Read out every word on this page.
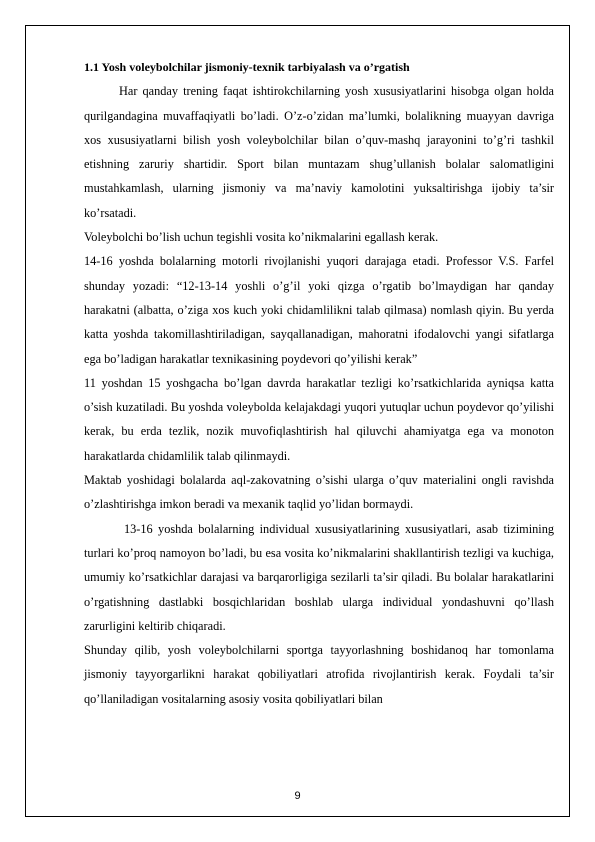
1.1 Yosh voleybolchilar jismoniy-texnik tarbiyalash va o’rgatish

Har qanday trening faqat ishtirokchilarning yosh xususiyatlarini hisobga olgan holda qurilgandagina muvaffaqiyatli bo’ladi. O’z-o’zidan ma’lumki, bolalikning muayyan davriga xos xususiyatlarni bilish yosh voleybolchilar bilan o’quv-mashq jarayonini to’g’ri tashkil etishning zaruriy shartidir. Sport bilan muntazam shug’ullanish bolalar salomatligini mustahkamlash, ularning jismoniy va ma’naviy kamolotini yuksaltirishga ijobiy ta’sir ko’rsatadi.

Voleybolchi bo’lish uchun tegishli vosita ko’nikmalarini egallash kerak.

14-16 yoshda bolalarning motorli rivojlanishi yuqori darajaga etadi. Professor V.S. Farfel shunday yozadi: “12-13-14 yoshli o’g’il yoki qizga o’rgatib bo’lmaydigan har qanday harakatni (albatta, o’ziga xos kuch yoki chidamlilikni talab qilmasa) nomlash qiyin. Bu yerda katta yoshda takomillashtiriladigan, sayqallanadigan, mahoratni ifodalovchi yangi sifatlarga ega bo’ladigan harakatlar texnikasining poydevori qo’yilishi kerak”

11 yoshdan 15 yoshgacha bo’lgan davrda harakatlar tezligi ko’rsatkichlarida ayniqsa katta o’sish kuzatiladi. Bu yoshda voleybolda kelajakdagi yuqori yutuqlar uchun poydevor qo’yilishi kerak, bu erda tezlik, nozik muvofiqlashtirish hal qiluvchi ahamiyatga ega va monoton harakatlarda chidamlilik talab qilinmaydi.

Maktab yoshidagi bolalarda aql-zakovatning o’sishi ularga o’quv materialini ongli ravishda o’zlashtirishga imkon beradi va mexanik taqlid yo’lidan bormaydi.

13-16 yoshda bolalarning individual xususiyatlarining xususiyatlari, asab tizimining turlari ko’proq namoyon bo’ladi, bu esa vosita ko’nikmalarini shakllantirish tezligi va kuchiga, umumiy ko’rsatkichlar darajasi va barqarorligiga sezilarli ta’sir qiladi. Bu bolalar harakatlarini o’rgatishning dastlabki bosqichlaridan boshlab ularga individual yondashuvni qo’llash zarurligini keltirib chiqaradi.

Shunday qilib, yosh voleybolchilarni sportga tayyorlashning boshidanoq har tomonlama jismoniy tayyorgarlikni harakat qobiliyatlari atrofida rivojlantirish kerak. Foydali ta’sir qo’llaniladigan vositalarning asosiy vosita qobiliyatlari bilan

9
